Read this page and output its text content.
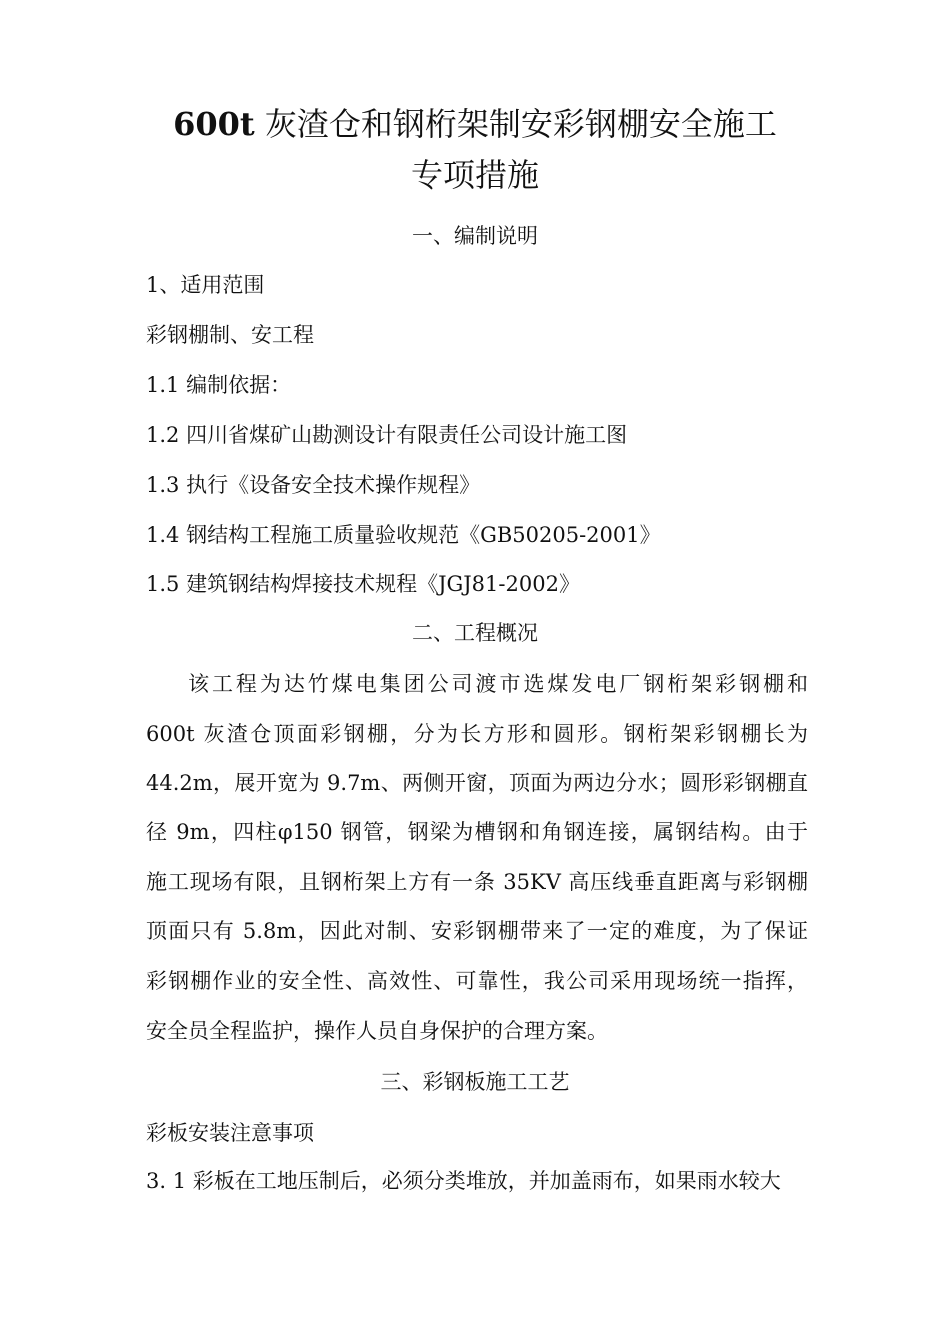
600t 灰渣仓和钢桁架制安彩钢棚安全施工
专项措施
一、编制说明
1、适用范围
彩钢棚制、安工程
1.1 编制依据：
1.2 四川省煤矿山勘测设计有限责任公司设计施工图
1.3 执行《设备安全技术操作规程》
1.4 钢结构工程施工质量验收规范《GB50205-2001》
1.5 建筑钢结构焊接技术规程《JGJ81-2002》
二、工程概况
该工程为达竹煤电集团公司渡市选煤发电厂钢桁架彩钢棚和
600t 灰渣仓顶面彩钢棚，分为长方形和圆形。钢桁架彩钢棚长为
44.2m，展开宽为 9.7m、两侧开窗，顶面为两边分水；圆形彩钢棚直
径 9m，四柱φ150 钢管，钢梁为槽钢和角钢连接，属钢结构。由于
施工现场有限，且钢桁架上方有一条 35KV 高压线垂直距离与彩钢棚
顶面只有 5.8m，因此对制、安彩钢棚带来了一定的难度，为了保证
彩钢棚作业的安全性、高效性、可靠性，我公司采用现场统一指挥，
安全员全程监护，操作人员自身保护的合理方案。
三、彩钢板施工工艺
彩板安装注意事项
3. 1 彩板在工地压制后，必须分类堆放，并加盖雨布，如果雨水较大
